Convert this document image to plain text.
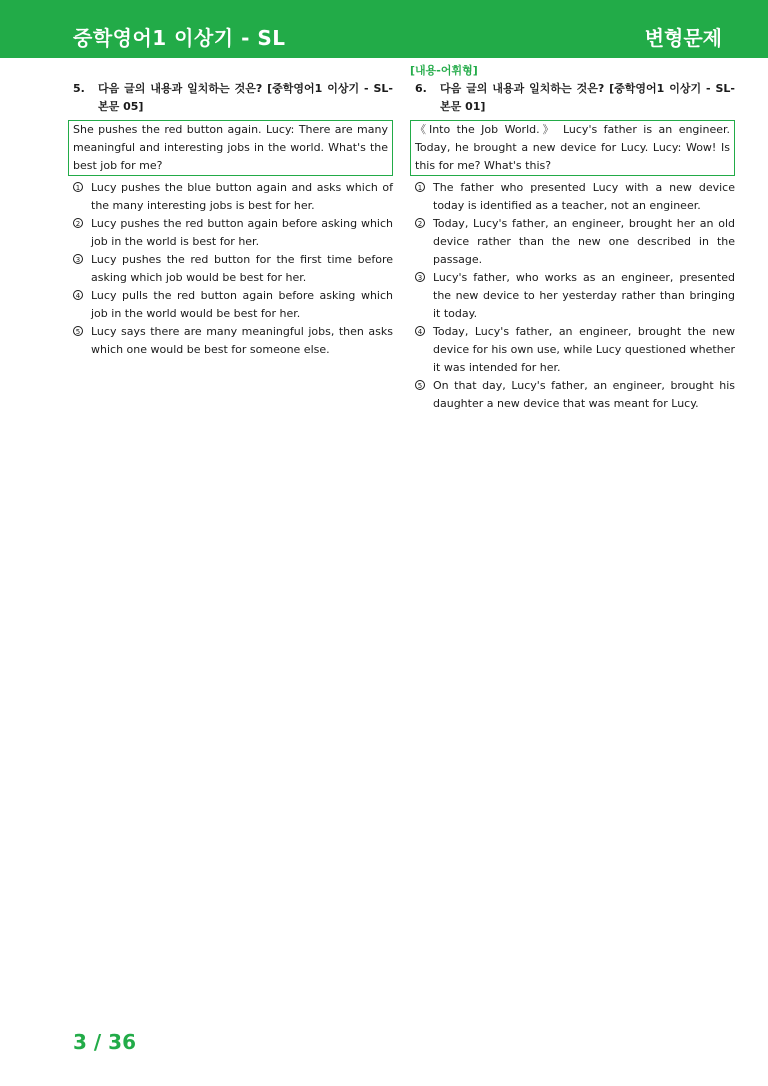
중학영어1 이상기 - SL	변형문제
5. 다음 글의 내용과 일치하는 것은? [중학영어1 이상기 - SL-본문 05]
She pushes the red button again. Lucy: There are many meaningful and interesting jobs in the world. What's the best job for me?
1 Lucy pushes the blue button again and asks which of the many interesting jobs is best for her.
2 Lucy pushes the red button again before asking which job in the world is best for her.
3 Lucy pushes the red button for the first time before asking which job would be best for her.
4 Lucy pulls the red button again before asking which job in the world would be best for her.
5 Lucy says there are many meaningful jobs, then asks which one would be best for someone else.
[내용-어휘형]
6. 다음 글의 내용과 일치하는 것은? [중학영어1 이상기 - SL-본문 01]
《Into the Job World.》 Lucy's father is an engineer. Today, he brought a new device for Lucy. Lucy: Wow! Is this for me? What's this?
1 The father who presented Lucy with a new device today is identified as a teacher, not an engineer.
2 Today, Lucy's father, an engineer, brought her an old device rather than the new one described in the passage.
3 Lucy's father, who works as an engineer, presented the new device to her yesterday rather than bringing it today.
4 Today, Lucy's father, an engineer, brought the new device for his own use, while Lucy questioned whether it was intended for her.
5 On that day, Lucy's father, an engineer, brought his daughter a new device that was meant for Lucy.
3 / 36
